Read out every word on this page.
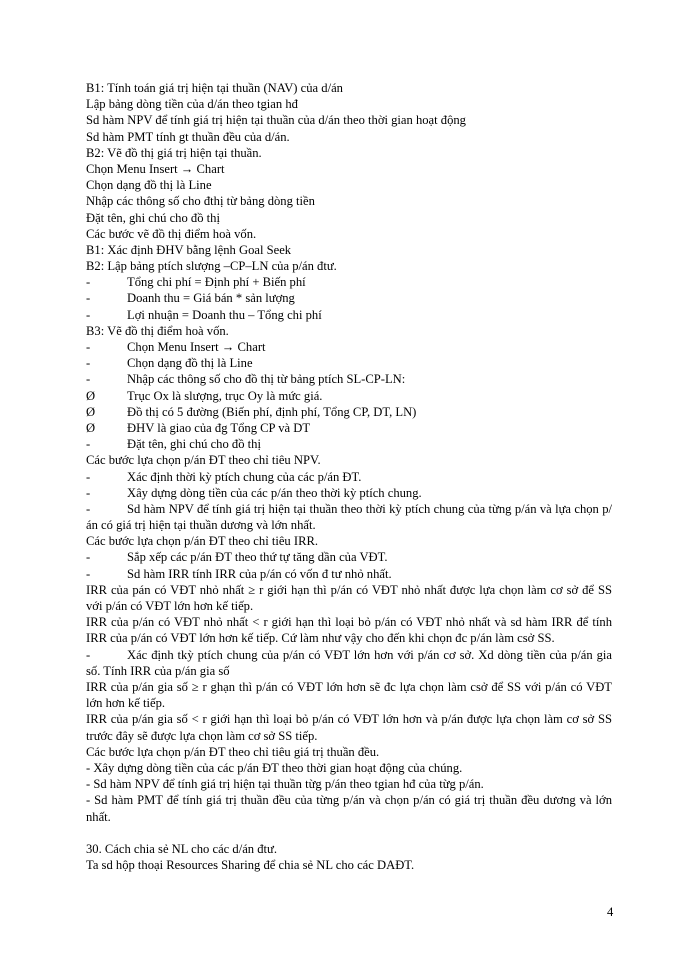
B1: Tính toán giá trị hiện tại thuần (NAV) của d/án
Lập bảng dòng tiền của d/án theo tgian hđ
Sd hàm NPV để tính giá trị hiện tại thuần của d/án theo thời gian hoạt động
Sd hàm PMT tính gt thuần đều của d/án.
B2: Vẽ đồ thị giá trị hiện tại thuần.
Chọn Menu Insert → Chart
Chọn dạng đồ thị là Line
Nhập các thông số cho đthị từ bảng dòng tiền
Đặt tên, ghi chú cho đồ thị
Các bước vẽ đồ thị điểm hoà vốn.
B1: Xác định ĐHV bằng lệnh Goal Seek
B2: Lập bảng ptích slượng –CP–LN của p/án đtư.
-	Tổng chi phí = Định phí + Biến phí
-	Doanh thu = Giá bán * sản lượng
-	Lợi nhuận = Doanh thu – Tổng chi phí
B3: Vẽ đồ thị điểm hoà vốn.
-	Chọn Menu Insert → Chart
-	Chọn dạng đồ thị là Line
-	Nhập các thông số cho đồ thị từ bảng ptích SL-CP-LN:
Ø	Trục Ox là slượng, trục Oy là mức giá.
Ø	Đồ thị có 5 đường (Biến phí, định phí, Tổng CP, DT, LN)
Ø	ĐHV là giao của đg Tổng CP và DT
-	Đặt tên, ghi chú cho đồ thị
Các bước lựa chọn p/án ĐT theo chỉ tiêu NPV.
-	Xác định thời kỳ ptích chung của các p/án ĐT.
-	Xây dựng dòng tiền của các p/án theo thời kỳ ptích chung.
-	Sd hàm NPV để tính giá trị hiện tại thuần theo thời kỳ ptích chung của từng p/án và lựa chọn p/án có giá trị hiện tại thuần dương và lớn nhất.
Các bước lựa chọn p/án ĐT theo chỉ tiêu IRR.
-	Sắp xếp các p/án ĐT theo thứ tự tăng dần của VĐT.
-	Sd hàm IRR tính IRR của p/án có vốn đ tư nhỏ nhất.
IRR của pán có VĐT nhỏ nhất ≥ r giới hạn thì p/án có VĐT nhỏ nhất được lựa chọn làm cơ sở để SS với p/án có VĐT lớn hơn kế tiếp.
IRR của p/án có VĐT nhỏ nhất < r giới hạn thì loại bỏ p/án có VĐT nhỏ nhất và sd hàm IRR để tính IRR của p/án có VĐT lớn hơn kế tiếp. Cứ làm như vậy cho đến khi chọn đc p/án làm csở SS.
-	Xác định tkỳ ptích chung của p/án có VĐT lớn hơn với p/án cơ sở. Xd dòng tiền của p/án gia số. Tính IRR của p/án gia số
IRR của p/án gia số ≥ r ghạn thì p/án có VĐT lớn hơn sẽ đc lựa chọn làm csở để SS với p/án có VĐT lớn hơn kế tiếp.
IRR của p/án gia số < r giới hạn thì loại bỏ p/án có VĐT lớn hơn và p/án được lựa chọn làm cơ sở SS trước đây sẽ được lựa chọn làm cơ sở SS tiếp.
Các bước lựa chọn p/án ĐT theo chỉ tiêu giá trị thuần đều.
- Xây dựng dòng tiền của các p/án ĐT theo thời gian hoạt động của chúng.
- Sd hàm NPV để tính giá trị hiện tại thuần từg p/án theo tgian hđ của từg p/án.
- Sd hàm PMT để tính giá trị thuần đều của từng p/án và chọn p/án có giá trị thuần đều dương và lớn nhất.
30. Cách chia sẻ NL cho các d/án đtư.
Ta sd hộp thoại Resources Sharing để chia sẻ NL cho các DAĐT.
4
